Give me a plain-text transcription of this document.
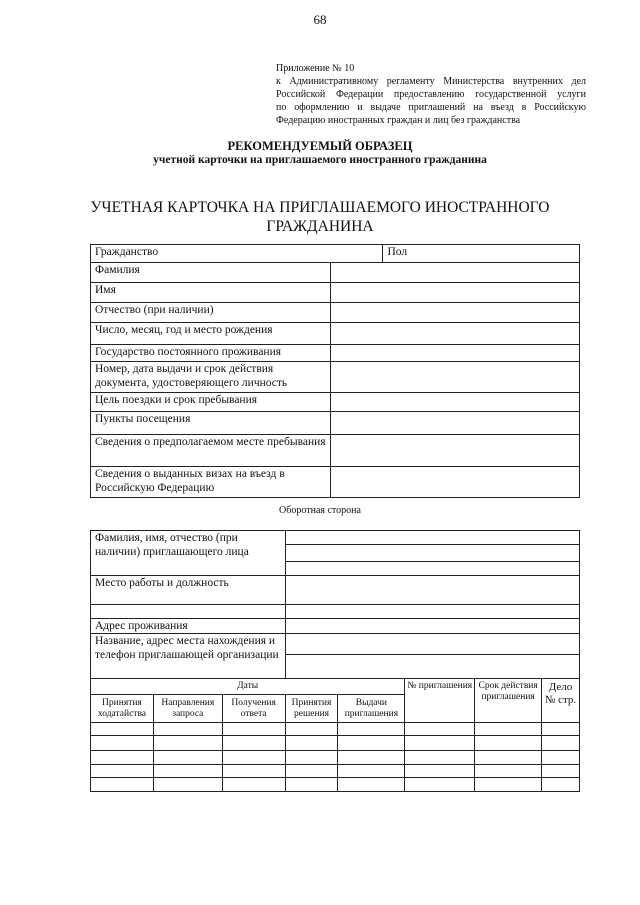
68
Приложение № 10
к Административному регламенту Министерства внутренних дел
Российской Федерации предоставлению государственной услуги
по оформлению и выдаче приглашений на въезд в Российскую
Федерацию иностранных граждан и лиц без гражданства
РЕКОМЕНДУЕМЫЙ ОБРАЗЕЦ
учетной карточки на приглашаемого иностранного гражданина
УЧЕТНАЯ КАРТОЧКА НА ПРИГЛАШАЕМОГО ИНОСТРАННОГО
ГРАЖДАНИНА
Гражданство		Пол
Фамилия		
Имя		
Отчество (при наличии)		
Число, месяц, год и место рождения		
Государство постоянного проживания		
Номер, дата выдачи и срок действия документа, удостоверяющего личность		
Цель поездки и срок пребывания		
Пункты посещения		
Сведения о предполагаемом месте пребывания		
Сведения о выданных визах на въезд в Российскую Федерацию		
Оборотная сторона
Фамилия, имя, отчество (при наличии) приглашающего лица							

Место работы и должность							

Адрес проживания							
Название, адрес места нахождения и телефон приглашающей организации							

Даты					№ приглашения	Срок действия приглашения	Дело № стр.
Принятия ходатайства	Направления запроса	Получения ответа	Принятия решения	Выдачи приглашения			
